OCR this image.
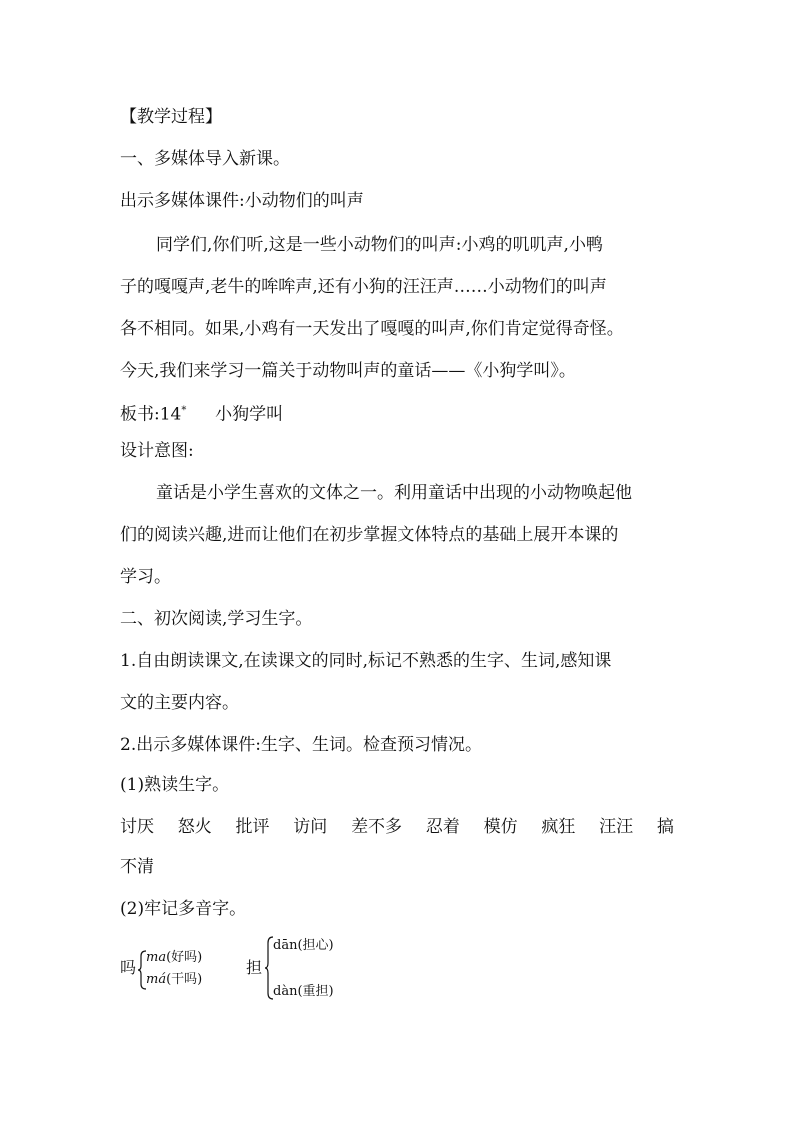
【教学过程】
一、多媒体导入新课。
出示多媒体课件:小动物们的叫声
同学们,你们听,这是一些小动物们的叫声:小鸡的叽叽声,小鸭
子的嘎嘎声,老牛的哞哞声,还有小狗的汪汪声……小动物们的叫声
各不相同。如果,小鸡有一天发出了嘎嘎的叫声,你们肯定觉得奇怪。
今天,我们来学习一篇关于动物叫声的童话——《小狗学叫》。
板书:14* 小狗学叫
设计意图:
童话是小学生喜欢的文体之一。利用童话中出现的小动物唤起他
们的阅读兴趣,进而让他们在初步掌握文体特点的基础上展开本课的
学习。
二、初次阅读,学习生字。
1.自由朗读课文,在读课文的同时,标记不熟悉的生字、生词,感知课
文的主要内容。
2.出示多媒体课件:生字、生词。检查预习情况。
(1)熟读生字。
讨厌 怒火 批评 访问 差不多 忍着 模仿 疯狂 汪汪 搞
不清
(2)牢记多音字。
吗
ma(好吗)
má(干吗)
担
dān(担心)
dàn(重担)
